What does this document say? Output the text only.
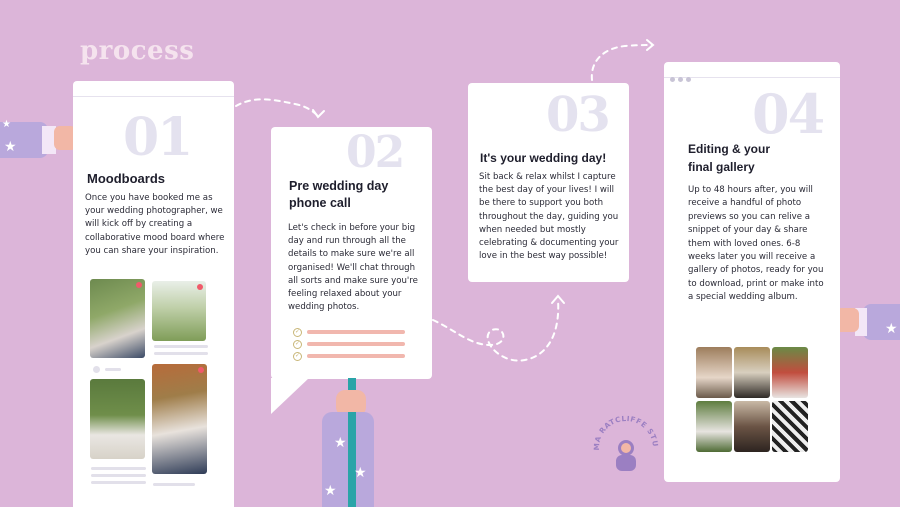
process
★
★
★
01
Moodboards
Once you have booked me as your wedding photographer, we will kick off by creating a collaborative mood board where you can share your inspiration.
02
Pre wedding day phone call
Let's check in before your big day and run through all the details to make sure we're all organised! We'll chat through all sorts and make sure you're feeling relaxed about your wedding photos.
✓
✓
✓
★
★
★
03
It's your wedding day!
Sit back & relax whilst I capture the best day of your lives! I will be there to support you both throughout the day, guiding you when needed but mostly celebrating & documenting your love in the best way possible!
04
Editing & your final gallery
Up to 48 hours after, you will receive a handful of photo previews so you can relive a snippet of your day & share them with loved ones. 6-8 weeks later you will receive a gallery of photos, ready for you to download, print or make into a special wedding album.
MA RATCLIFFE STU
